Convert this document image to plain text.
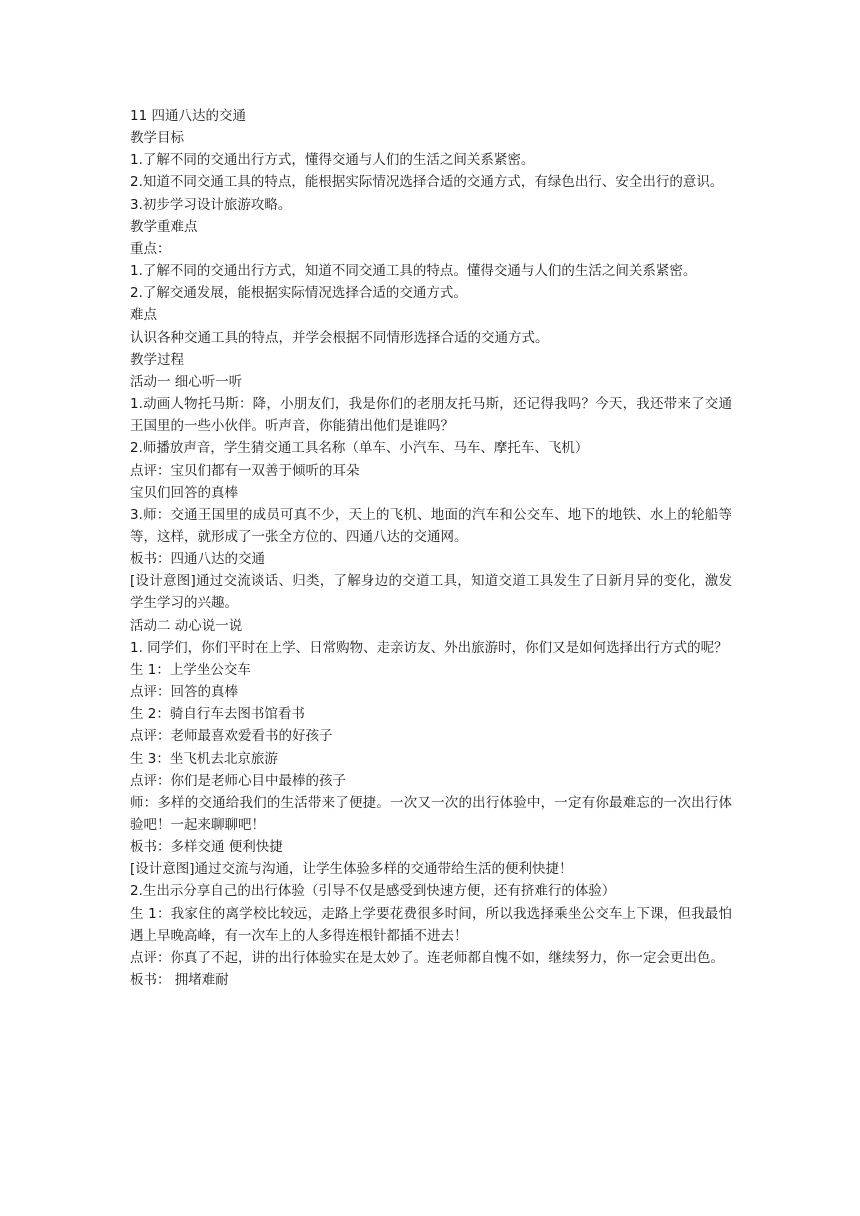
11 四通八达的交通

教学目标

1.了解不同的交通出行方式，懂得交通与人们的生活之间关系紧密。

2.知道不同交通工具的特点，能根据实际情况选择合适的交通方式，有绿色出行、安全出行的意识。

3.初步学习设计旅游攻略。

教学重难点

重点：

1.了解不同的交通出行方式，知道不同交通工具的特点。懂得交通与人们的生活之间关系紧密。

2.了解交通发展，能根据实际情况选择合适的交通方式。

难点

认识各种交通工具的特点，并学会根据不同情形选择合适的交通方式。

教学过程

活动一 细心听一听

1.动画人物托马斯：降，小朋友们，我是你们的老朋友托马斯，还记得我吗？今天，我还带来了交通王国里的一些小伙伴。听声音，你能猜出他们是谁吗？

2.师播放声音，学生猜交通工具名称（单车、小汽车、马车、摩托车、飞机）

点评：宝贝们都有一双善于倾听的耳朵

宝贝们回答的真棒

3.师：交通王国里的成员可真不少，天上的飞机、地面的汽车和公交车、地下的地铁、水上的轮船等等，这样，就形成了一张全方位的、四通八达的交通网。

板书：四通八达的交通

[设计意图]通过交流谈话、归类，了解身边的交道工具，知道交道工具发生了日新月异的变化，激发学生学习的兴趣。

活动二 动心说一说

1. 同学们，你们平时在上学、日常购物、走亲访友、外出旅游时，你们又是如何选择出行方式的呢？

生 1：上学坐公交车

点评：回答的真棒

生 2：骑自行车去图书馆看书

点评：老师最喜欢爱看书的好孩子

生 3：坐飞机去北京旅游

点评：你们是老师心目中最棒的孩子

师：多样的交通给我们的生活带来了便捷。一次又一次的出行体验中，一定有你最难忘的一次出行体验吧！一起来聊聊吧！

板书：多样交通 便利快捷

[设计意图]通过交流与沟通，让学生体验多样的交通带给生活的便利快捷！

2.生出示分享自己的出行体验（引导不仅是感受到快速方便，还有挤难行的体验）

生 1：我家住的离学校比较远，走路上学要花费很多时间，所以我选择乘坐公交车上下课，但我最怕遇上早晚高峰，有一次车上的人多得连根针都插不进去！

点评：你真了不起，讲的出行体验实在是太妙了。连老师都自愧不如，继续努力，你一定会更出色。

板书： 拥堵难耐
